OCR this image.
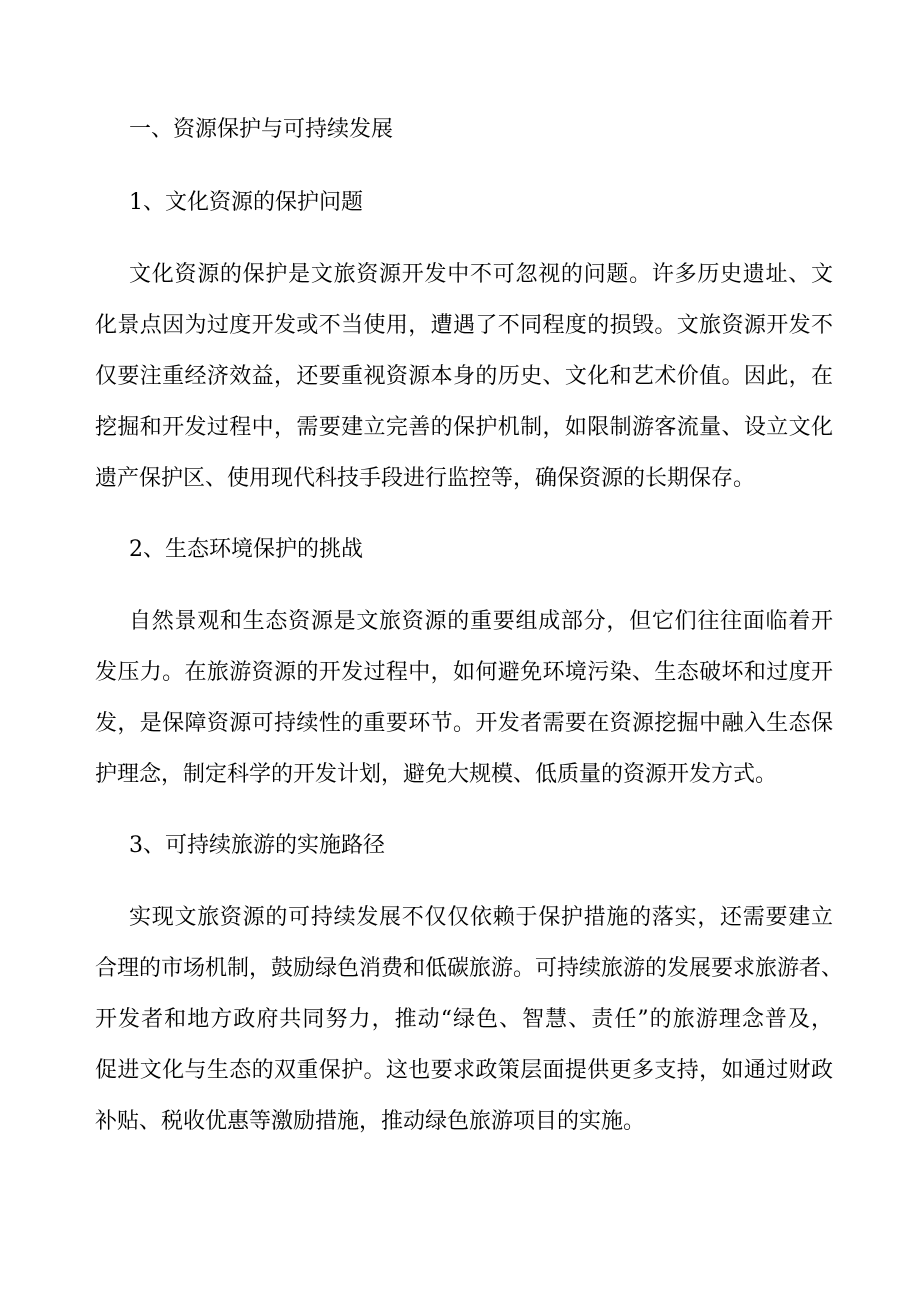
一、资源保护与可持续发展
1、文化资源的保护问题

文化资源的保护是文旅资源开发中不可忽视的问题。许多历史遗址、文
化景点因为过度开发或不当使用，遭遇了不同程度的损毁。文旅资源开发不
仅要注重经济效益，还要重视资源本身的历史、文化和艺术价值。因此，在
挖掘和开发过程中，需要建立完善的保护机制，如限制游客流量、设立文化
遗产保护区、使用现代科技手段进行监控等，确保资源的长期保存。

2、生态环境保护的挑战

自然景观和生态资源是文旅资源的重要组成部分，但它们往往面临着开
发压力。在旅游资源的开发过程中，如何避免环境污染、生态破坏和过度开
发，是保障资源可持续性的重要环节。开发者需要在资源挖掘中融入生态保
护理念，制定科学的开发计划，避免大规模、低质量的资源开发方式。

3、可持续旅游的实施路径

实现文旅资源的可持续发展不仅仅依赖于保护措施的落实，还需要建立
合理的市场机制，鼓励绿色消费和低碳旅游。可持续旅游的发展要求旅游者、
开发者和地方政府共同努力，推动“绿色、智慧、责任”的旅游理念普及，
促进文化与生态的双重保护。这也要求政策层面提供更多支持，如通过财政
补贴、税收优惠等激励措施，推动绿色旅游项目的实施。
